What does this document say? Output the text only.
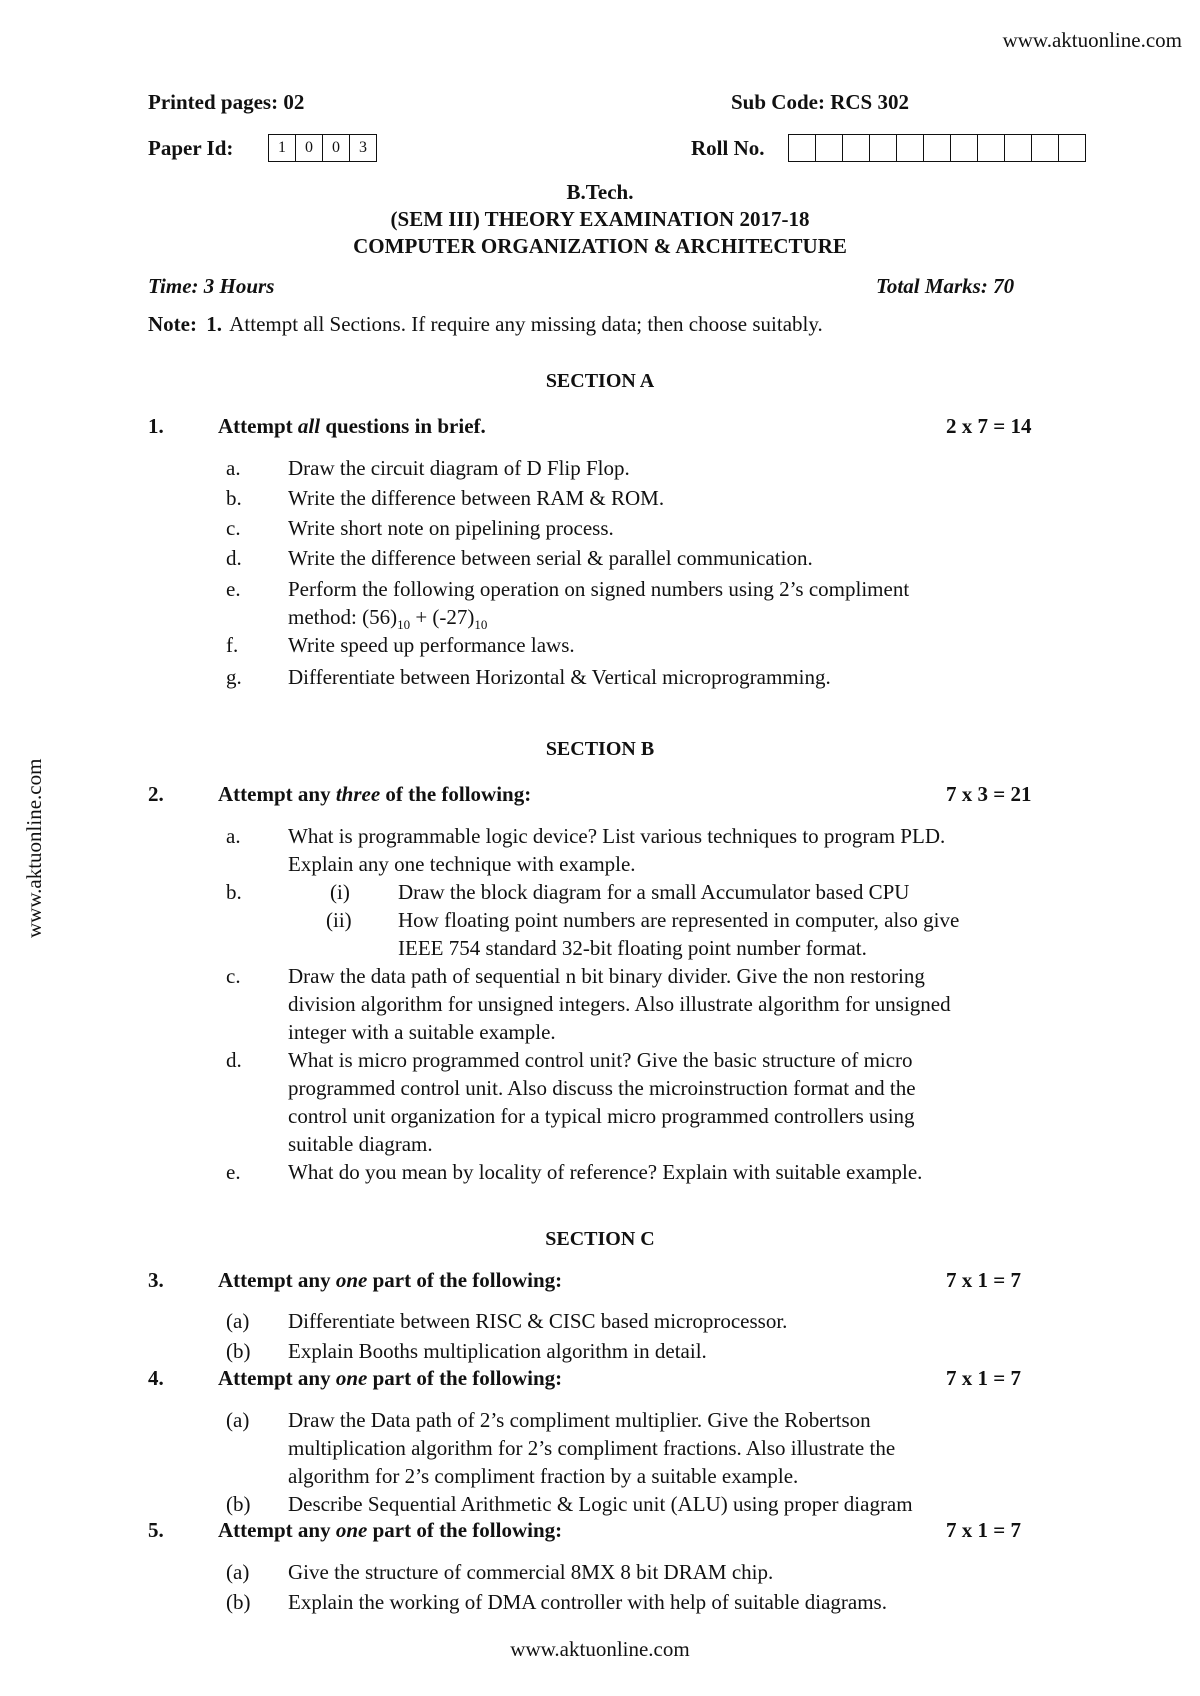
www.aktuonline.com
www.aktuonline.com
www.aktuonline.com
Printed pages: 02	Sub Code: RCS 302
Paper Id:	1	0	0	3	Roll No.
B.Tech.
(SEM III) THEORY EXAMINATION 2017-18
COMPUTER ORGANIZATION & ARCHITECTURE
Time: 3 Hours	Total Marks: 70
Note: 1. Attempt all Sections. If require any missing data; then choose suitably.
SECTION A
1.	Attempt all questions in brief.	2 x 7 = 14
a. Draw the circuit diagram of D Flip Flop.
b. Write the difference between RAM & ROM.
c. Write short note on pipelining process.
d. Write the difference between serial & parallel communication.
e. Perform the following operation on signed numbers using 2’s compliment
method: $(56)_{10} + (-27)_{10}$
f. Write speed up performance laws.
g. Differentiate between Horizontal & Vertical microprogramming.
SECTION B
2.	Attempt any three of the following:	7 x 3 = 21
a. What is programmable logic device? List various techniques to program PLD.
Explain any one technique with example.
b.	(i) Draw the block diagram for a small Accumulator based CPU
(ii) How floating point numbers are represented in computer, also give
IEEE 754 standard 32-bit floating point number format.
c. Draw the data path of sequential n bit binary divider. Give the non restoring
division algorithm for unsigned integers. Also illustrate algorithm for unsigned
integer with a suitable example.
d. What is micro programmed control unit? Give the basic structure of micro
programmed control unit. Also discuss the microinstruction format and the
control unit organization for a typical micro programmed controllers using
suitable diagram.
e. What do you mean by locality of reference? Explain with suitable example.
SECTION C
3.	Attempt any one part of the following:	7 x 1 = 7
(a) Differentiate between RISC & CISC based microprocessor.
(b) Explain Booths multiplication algorithm in detail.
4.	Attempt any one part of the following:	7 x 1 = 7
(a) Draw the Data path of 2’s compliment multiplier. Give the Robertson
multiplication algorithm for 2’s compliment fractions. Also illustrate the
algorithm for 2’s compliment fraction by a suitable example.
(b) Describe Sequential Arithmetic & Logic unit (ALU) using proper diagram
5.	Attempt any one part of the following:	7 x 1 = 7
(a) Give the structure of commercial 8MX 8 bit DRAM chip.
(b) Explain the working of DMA controller with help of suitable diagrams.
